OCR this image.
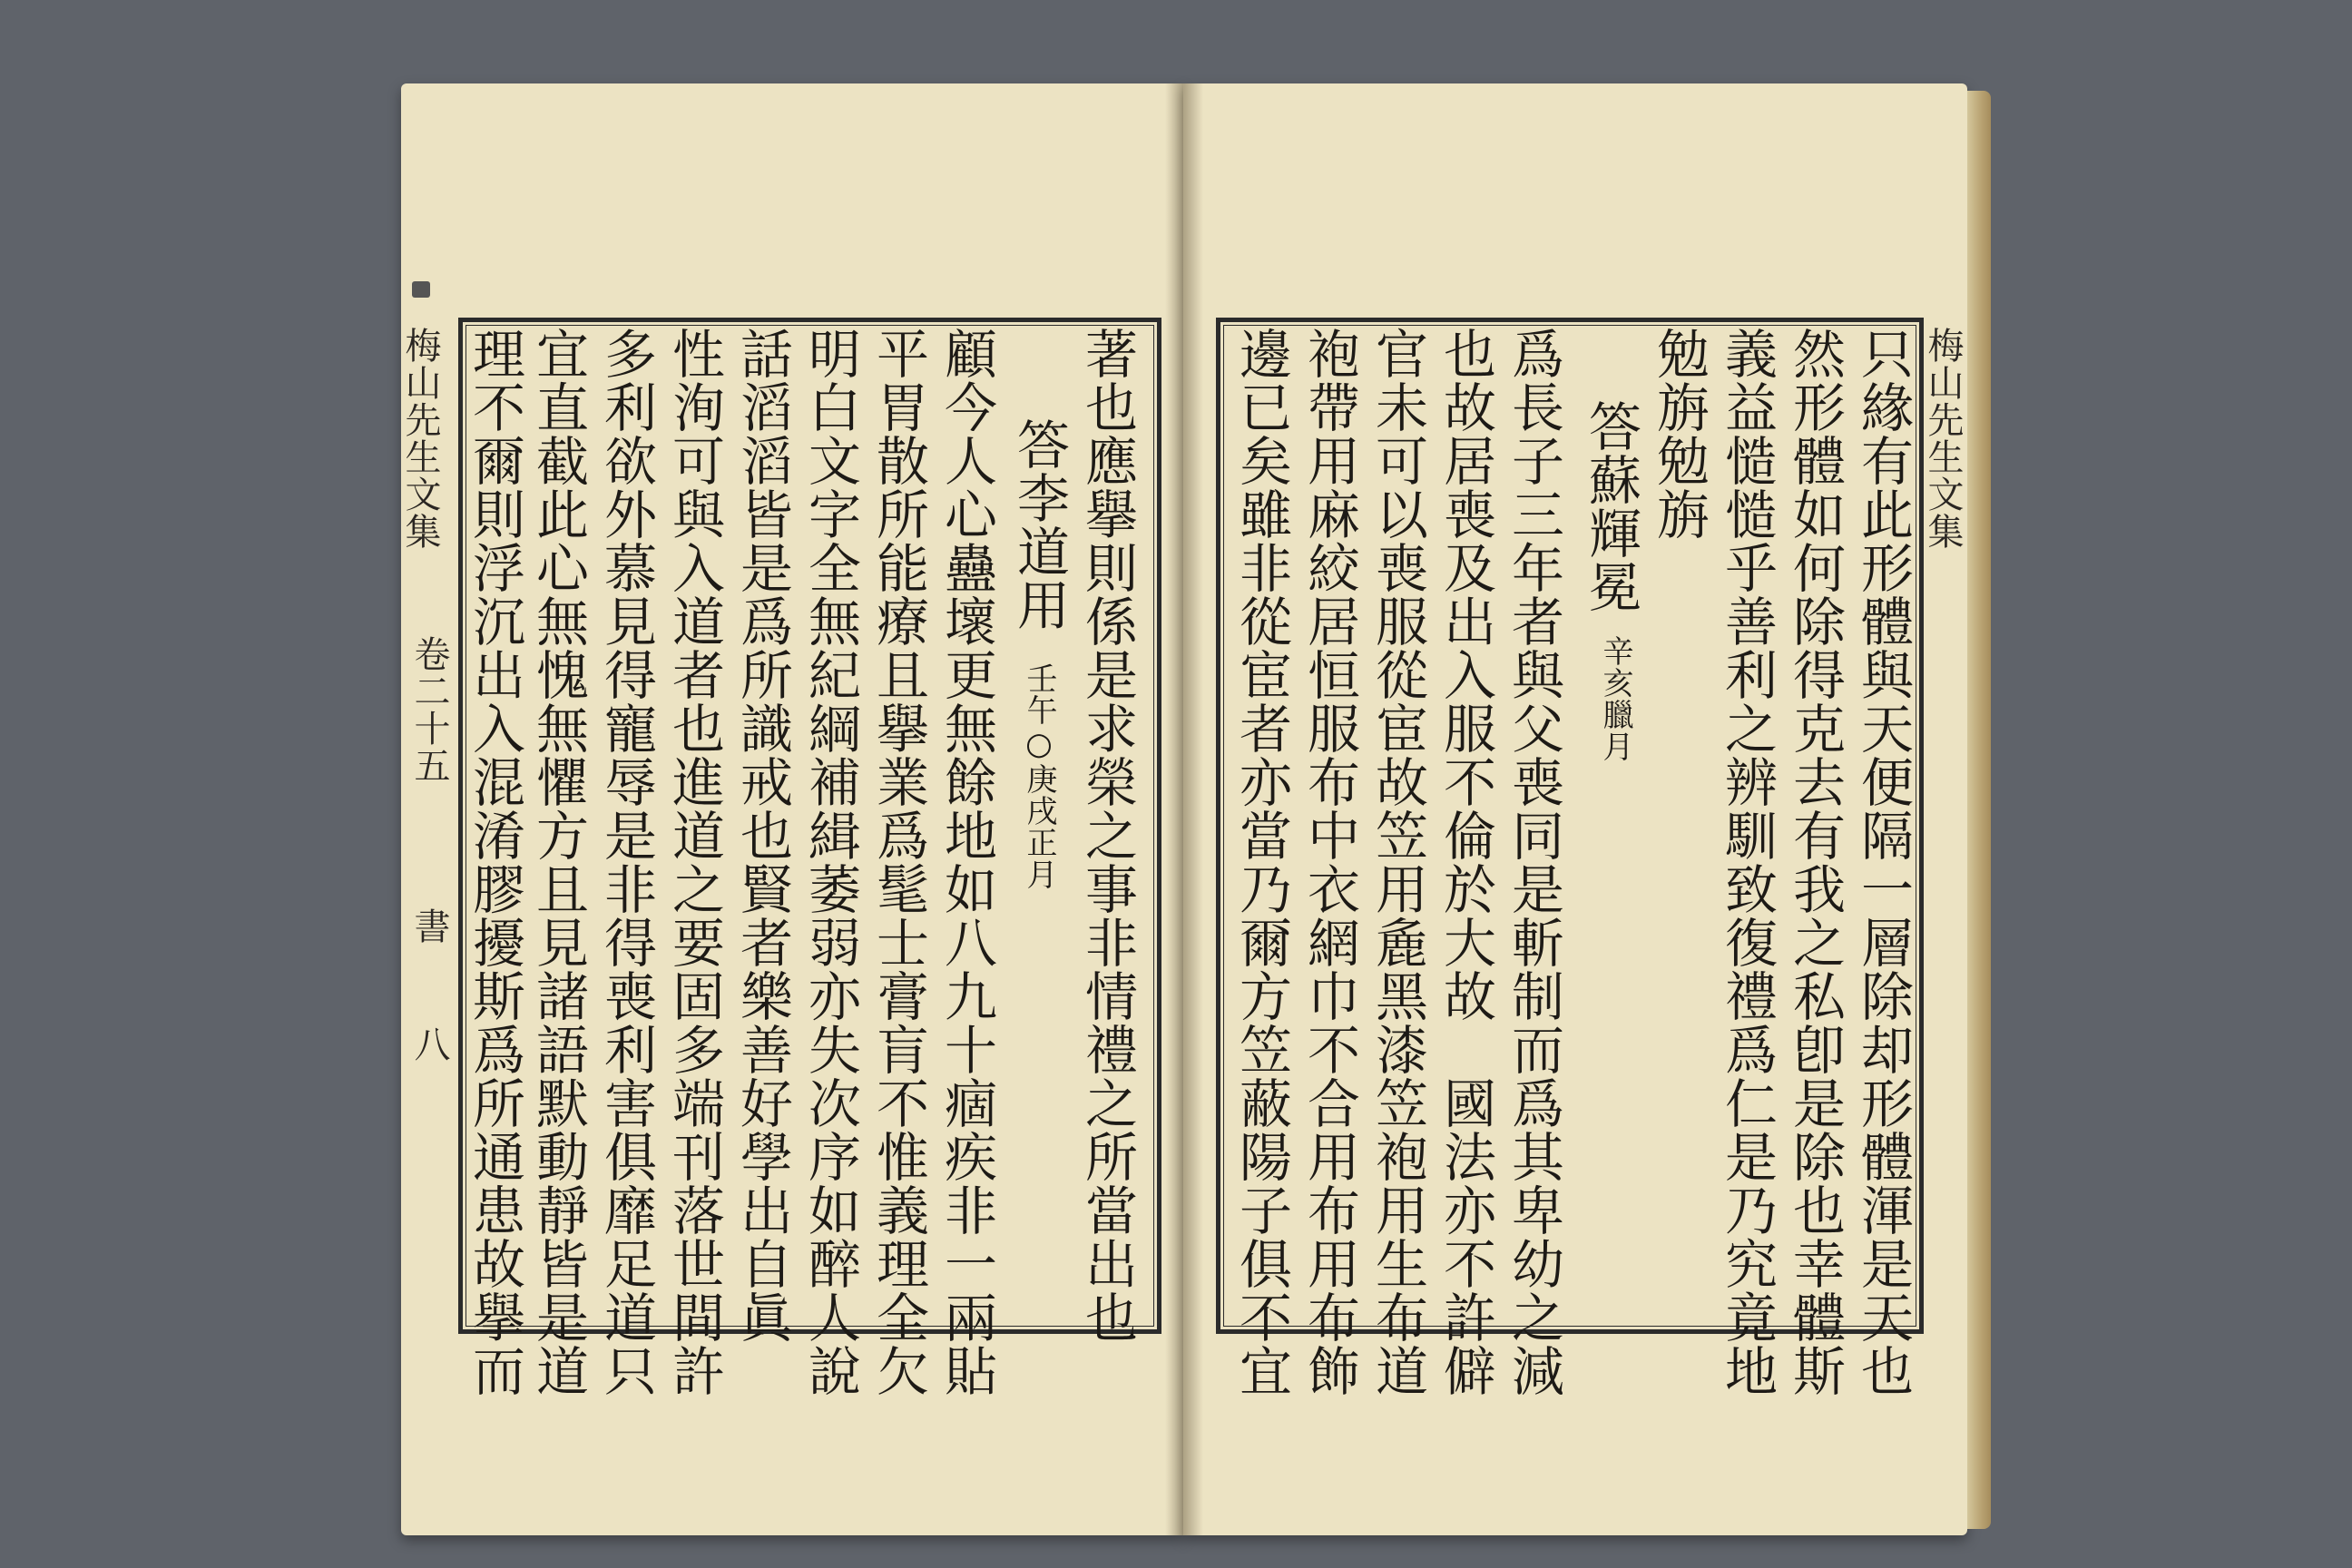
梅山先生文集
卷二十五
書
八	著也應擧則係是求榮之事非情禮之所當出也
答李道用
壬午○庚戌正月
顧今人心蠱壞更無餘地如八九十痼疾非一兩貼
平胃散所能療且擧業爲髦士膏肓不惟義理全欠
明白文字全無紀綱補緝萎弱亦失次序如醉人說
話滔滔皆是爲所識戒也賢者樂善好學出自眞
性洵可與入道者也進道之要固多端刊落世間許
多利欲外慕見得寵辱是非得喪利害俱靡足道只
宜直截此心無愧無懼方且見諸語默動靜皆是道
理不爾則浮沉出入混淆膠擾斯爲所通患故擧而	梅山先生文集
只緣有此形體與天便隔一層除却形體渾是天也
然形體如何除得克去有我之私卽是除也幸體斯
義益慥慥乎善利之辨馴致復禮爲仁是乃究竟地
勉旃勉旃
答蘇輝冕
辛亥臘月
爲長子三年者與父喪同是斬制而爲其卑幼之減
也故居喪及出入服不倫於大故　國法亦不許僻
官未可以喪服從宦故笠用麁黑漆笠袍用生布道
袍帶用麻絞居恒服布中衣網巾不合用布用布飾
邊已矣雖非從宦者亦當乃爾方笠蔽陽子俱不宜
